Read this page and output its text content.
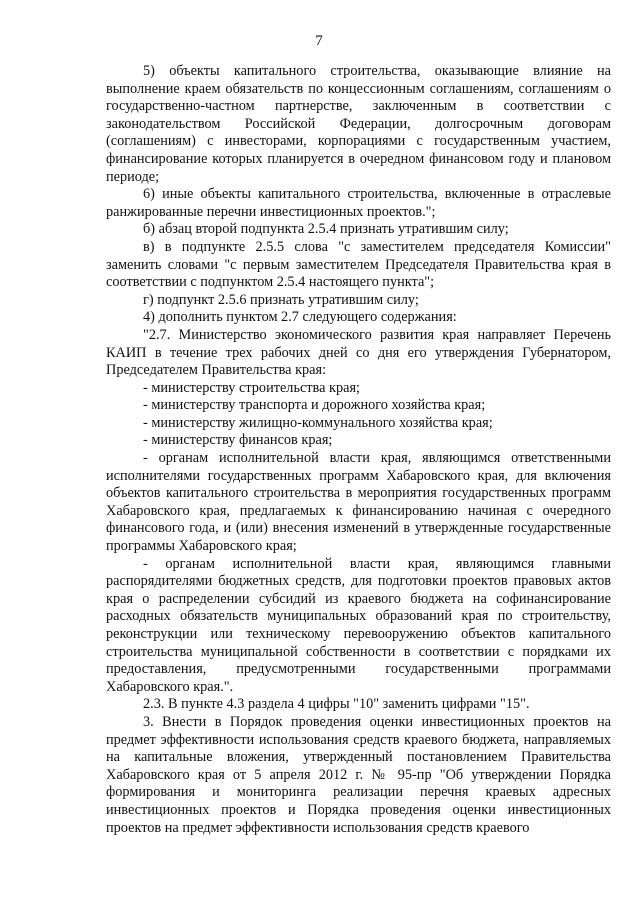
7

5) объекты капитального строительства, оказывающие влияние на выполнение краем обязательств по концессионным соглашениям, соглашениям о государственно-частном партнерстве, заключенным в соответствии с законодательством Российской Федерации, долгосрочным договорам (соглашениям) с инвесторами, корпорациями с государственным участием, финансирование которых планируется в очередном финансовом году и плановом периоде;

6) иные объекты капитального строительства, включенные в отраслевые ранжированные перечни инвестиционных проектов.";

б) абзац второй подпункта 2.5.4 признать утратившим силу;

в) в подпункте 2.5.5 слова "с заместителем председателя Комиссии" заменить словами "с первым заместителем Председателя Правительства края в соответствии с подпунктом 2.5.4 настоящего пункта";

г) подпункт 2.5.6 признать утратившим силу;

4) дополнить пунктом 2.7 следующего содержания:

"2.7. Министерство экономического развития края направляет Перечень КАИП в течение трех рабочих дней со дня его утверждения Губернатором, Председателем Правительства края:

- министерству строительства края;

- министерству транспорта и дорожного хозяйства края;

- министерству жилищно-коммунального хозяйства края;

- министерству финансов края;

- органам исполнительной власти края, являющимся ответственными исполнителями государственных программ Хабаровского края, для включения объектов капитального строительства в мероприятия государственных программ Хабаровского края, предлагаемых к финансированию начиная с очередного финансового года, и (или) внесения изменений в утвержденные государственные программы Хабаровского края;

- органам исполнительной власти края, являющимся главными распорядителями бюджетных средств, для подготовки проектов правовых актов края о распределении субсидий из краевого бюджета на софинансирование расходных обязательств муниципальных образований края по строительству, реконструкции или техническому перевооружению объектов капитального строительства муниципальной собственности в соответствии с порядками их предоставления, предусмотренными государственными программами Хабаровского края.".

2.3. В пункте 4.3 раздела 4 цифры "10" заменить цифрами "15".

3. Внести в Порядок проведения оценки инвестиционных проектов на предмет эффективности использования средств краевого бюджета, направляемых на капитальные вложения, утвержденный постановлением Правительства Хабаровского края от 5 апреля 2012 г. № 95-пр "Об утверждении Порядка формирования и мониторинга реализации перечня краевых адресных инвестиционных проектов и Порядка проведения оценки инвестиционных проектов на предмет эффективности использования средств краевого
